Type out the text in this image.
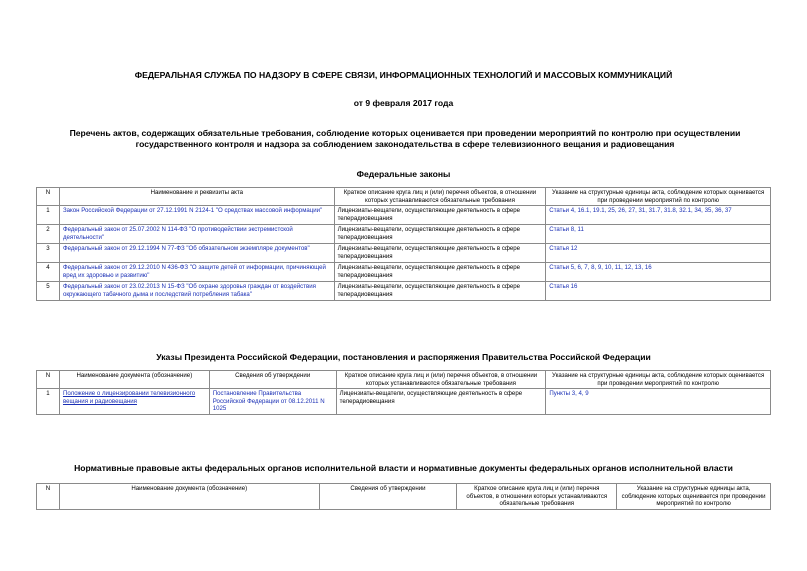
ФЕДЕРАЛЬНАЯ СЛУЖБА ПО НАДЗОРУ В СФЕРЕ СВЯЗИ, ИНФОРМАЦИОННЫХ ТЕХНОЛОГИЙ И МАССОВЫХ КОММУНИКАЦИЙ
от 9 февраля 2017 года
Перечень актов, содержащих обязательные требования, соблюдение которых оценивается при проведении мероприятий по контролю при осуществлении
государственного контроля и надзора за соблюдением законодательства в сфере телевизионного вещания и радиовещания
Федеральные законы
N	Наименование и реквизиты акта	Краткое описание круга лиц и (или) перечня объектов, в отношении которых устанавливаются обязательные требования	Указание на структурные единицы акта, соблюдение которых оценивается при проведении мероприятий по контролю
1	Закон Российской Федерации от 27.12.1991 N 2124-1 "О средствах массовой информации"	Лицензиаты-вещатели, осуществляющие деятельность в сфере телерадиовещания	Статьи 4, 16.1, 19.1, 25, 26, 27, 31, 31.7, 31.8, 32.1, 34, 35, 36, 37
2	Федеральный закон от 25.07.2002 N 114-ФЗ "О противодействии экстремистской деятельности"	Лицензиаты-вещатели, осуществляющие деятельность в сфере телерадиовещания	Статьи 8, 11
3	Федеральный закон от 29.12.1994 N 77-ФЗ "Об обязательном экземпляре документов"	Лицензиаты-вещатели, осуществляющие деятельность в сфере телерадиовещания	Статья 12
4	Федеральный закон от 29.12.2010 N 436-ФЗ "О защите детей от информации, причиняющей вред их здоровью и развитию"	Лицензиаты-вещатели, осуществляющие деятельность в сфере телерадиовещания	Статьи 5, 6, 7, 8, 9, 10, 11, 12, 13, 16
5	Федеральный закон от 23.02.2013 N 15-ФЗ "Об охране здоровья граждан от воздействия окружающего табачного дыма и последствий потребления табака"	Лицензиаты-вещатели, осуществляющие деятельность в сфере телерадиовещания	Статья 16
Указы Президента Российской Федерации, постановления и распоряжения Правительства Российской Федерации
N	Наименование документа (обозначение)	Сведения об утверждении	Краткое описание круга лиц и (или) перечня объектов, в отношении которых устанавливаются обязательные требования	Указание на структурные единицы акта, соблюдение которых оценивается при проведении мероприятий по контролю
1	Положение о лицензировании телевизионного вещания и радиовещания	Постановление Правительства Российской Федерации от 08.12.2011 N 1025	Лицензиаты-вещатели, осуществляющие деятельность в сфере телерадиовещания	Пункты 3, 4, 9
Нормативные правовые акты федеральных органов исполнительной власти и нормативные документы федеральных органов исполнительной власти
N	Наименование документа (обозначение)	Сведения об утверждении	Краткое описание круга лиц и (или) перечня объектов, в отношении которых устанавливаются обязательные требования	Указание на структурные единицы акта, соблюдение которых оценивается при проведении мероприятий по контролю
